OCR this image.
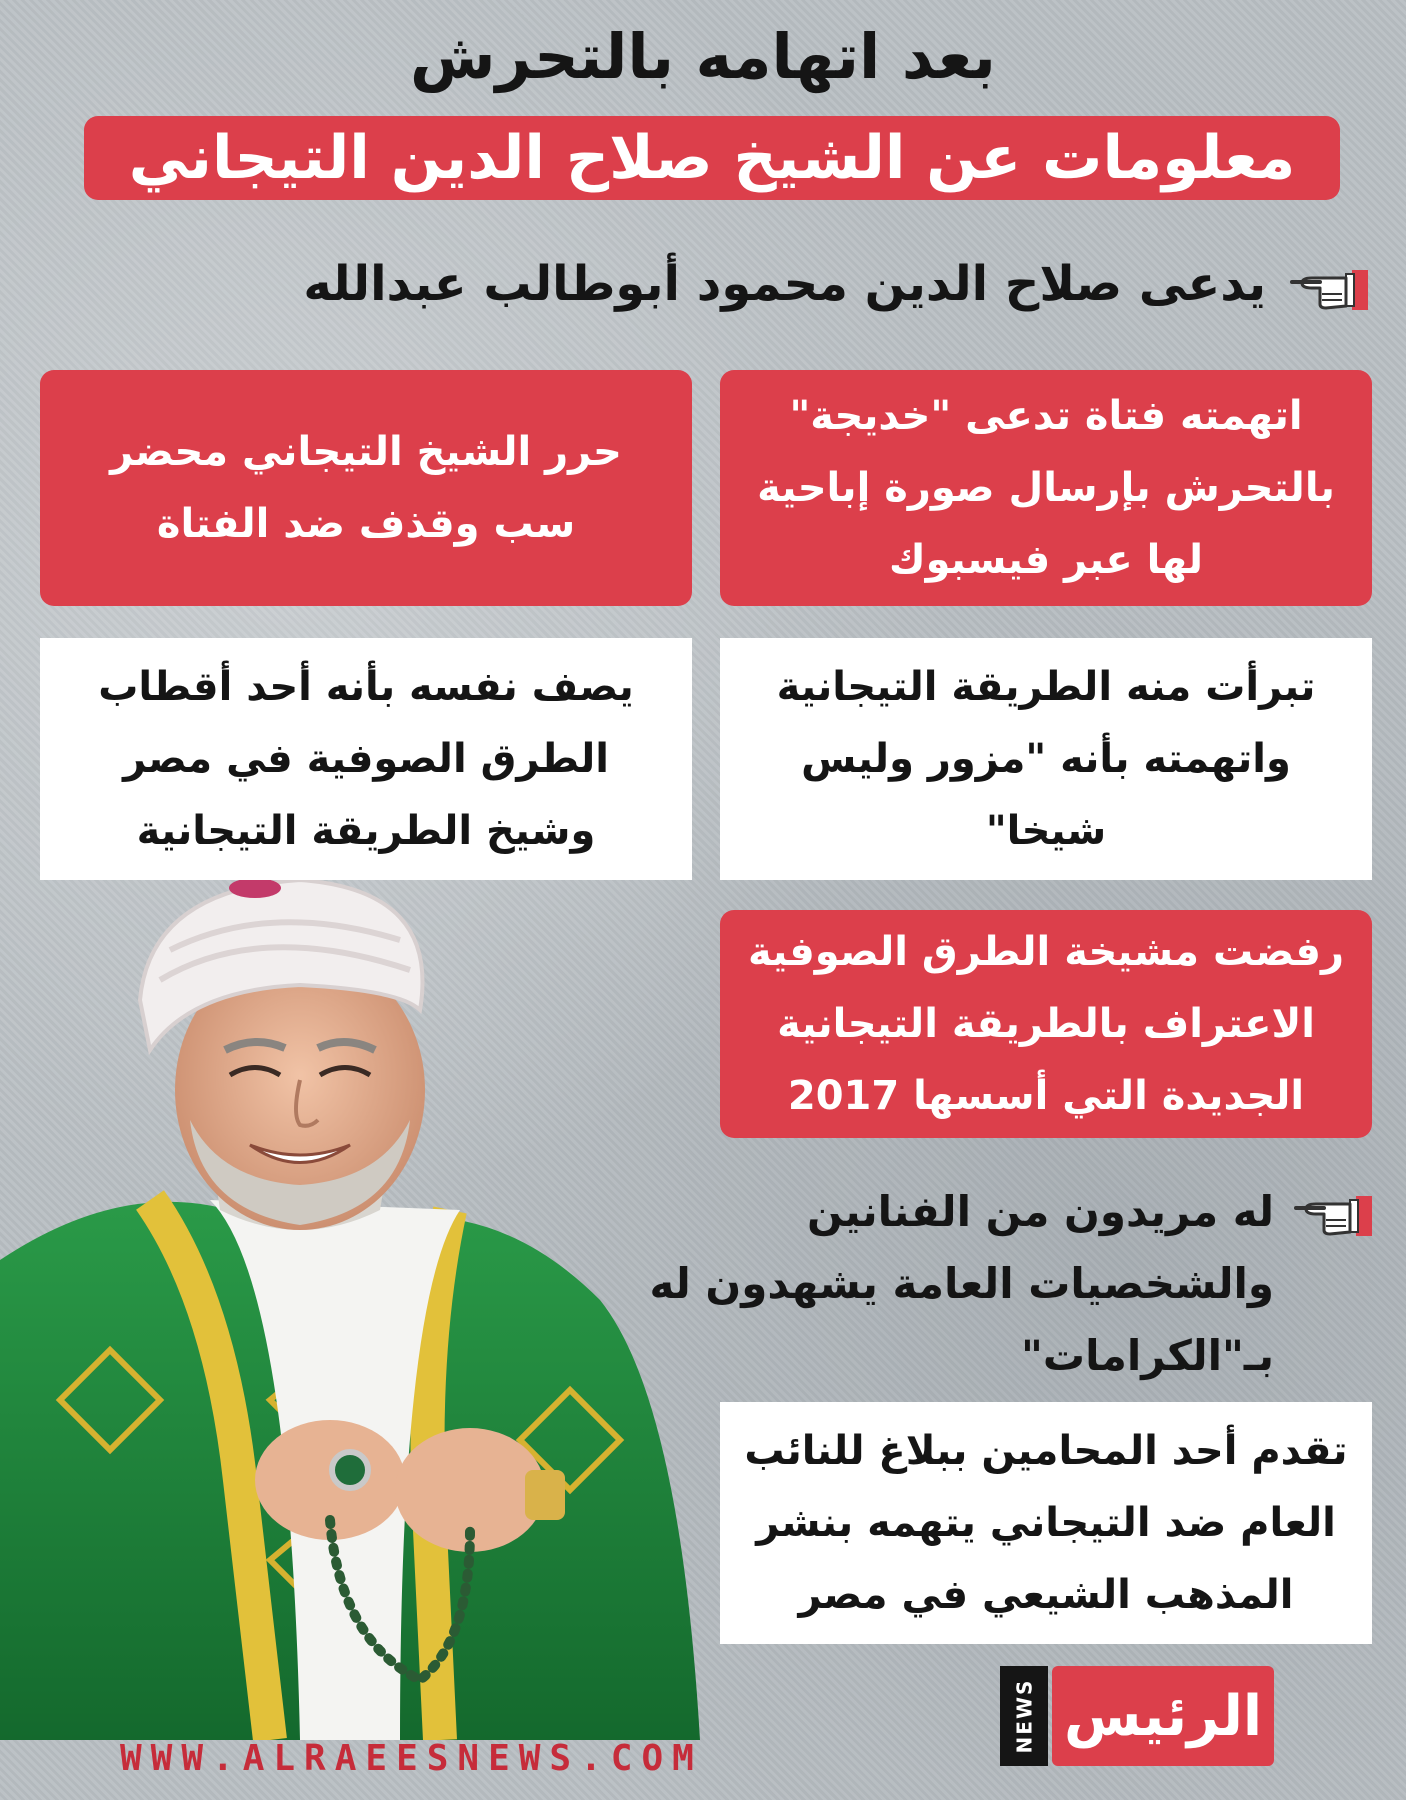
بعد اتهامه بالتحرش
معلومات عن الشيخ صلاح الدين التيجاني
يدعى صلاح الدين محمود أبوطالب عبدالله
اتهمته فتاة تدعى "خديجة" بالتحرش بإرسال صورة إباحية لها عبر فيسبوك
حرر الشيخ التيجاني محضر سب وقذف ضد الفتاة
تبرأت منه الطريقة التيجانية واتهمته بأنه "مزور وليس شيخا"
يصف نفسه بأنه أحد أقطاب الطرق الصوفية في مصر وشيخ الطريقة التيجانية
رفضت مشيخة الطرق الصوفية الاعتراف بالطريقة التيجانية الجديدة التي أسسها 2017
له مريدون من الفنانين والشخصيات العامة يشهدون له بـ"الكرامات"
تقدم أحد المحامين ببلاغ للنائب العام ضد التيجاني يتهمه بنشر المذهب الشيعي في مصر
WWW.ALRAEESNEWS.COM
NEWS الرئيس
